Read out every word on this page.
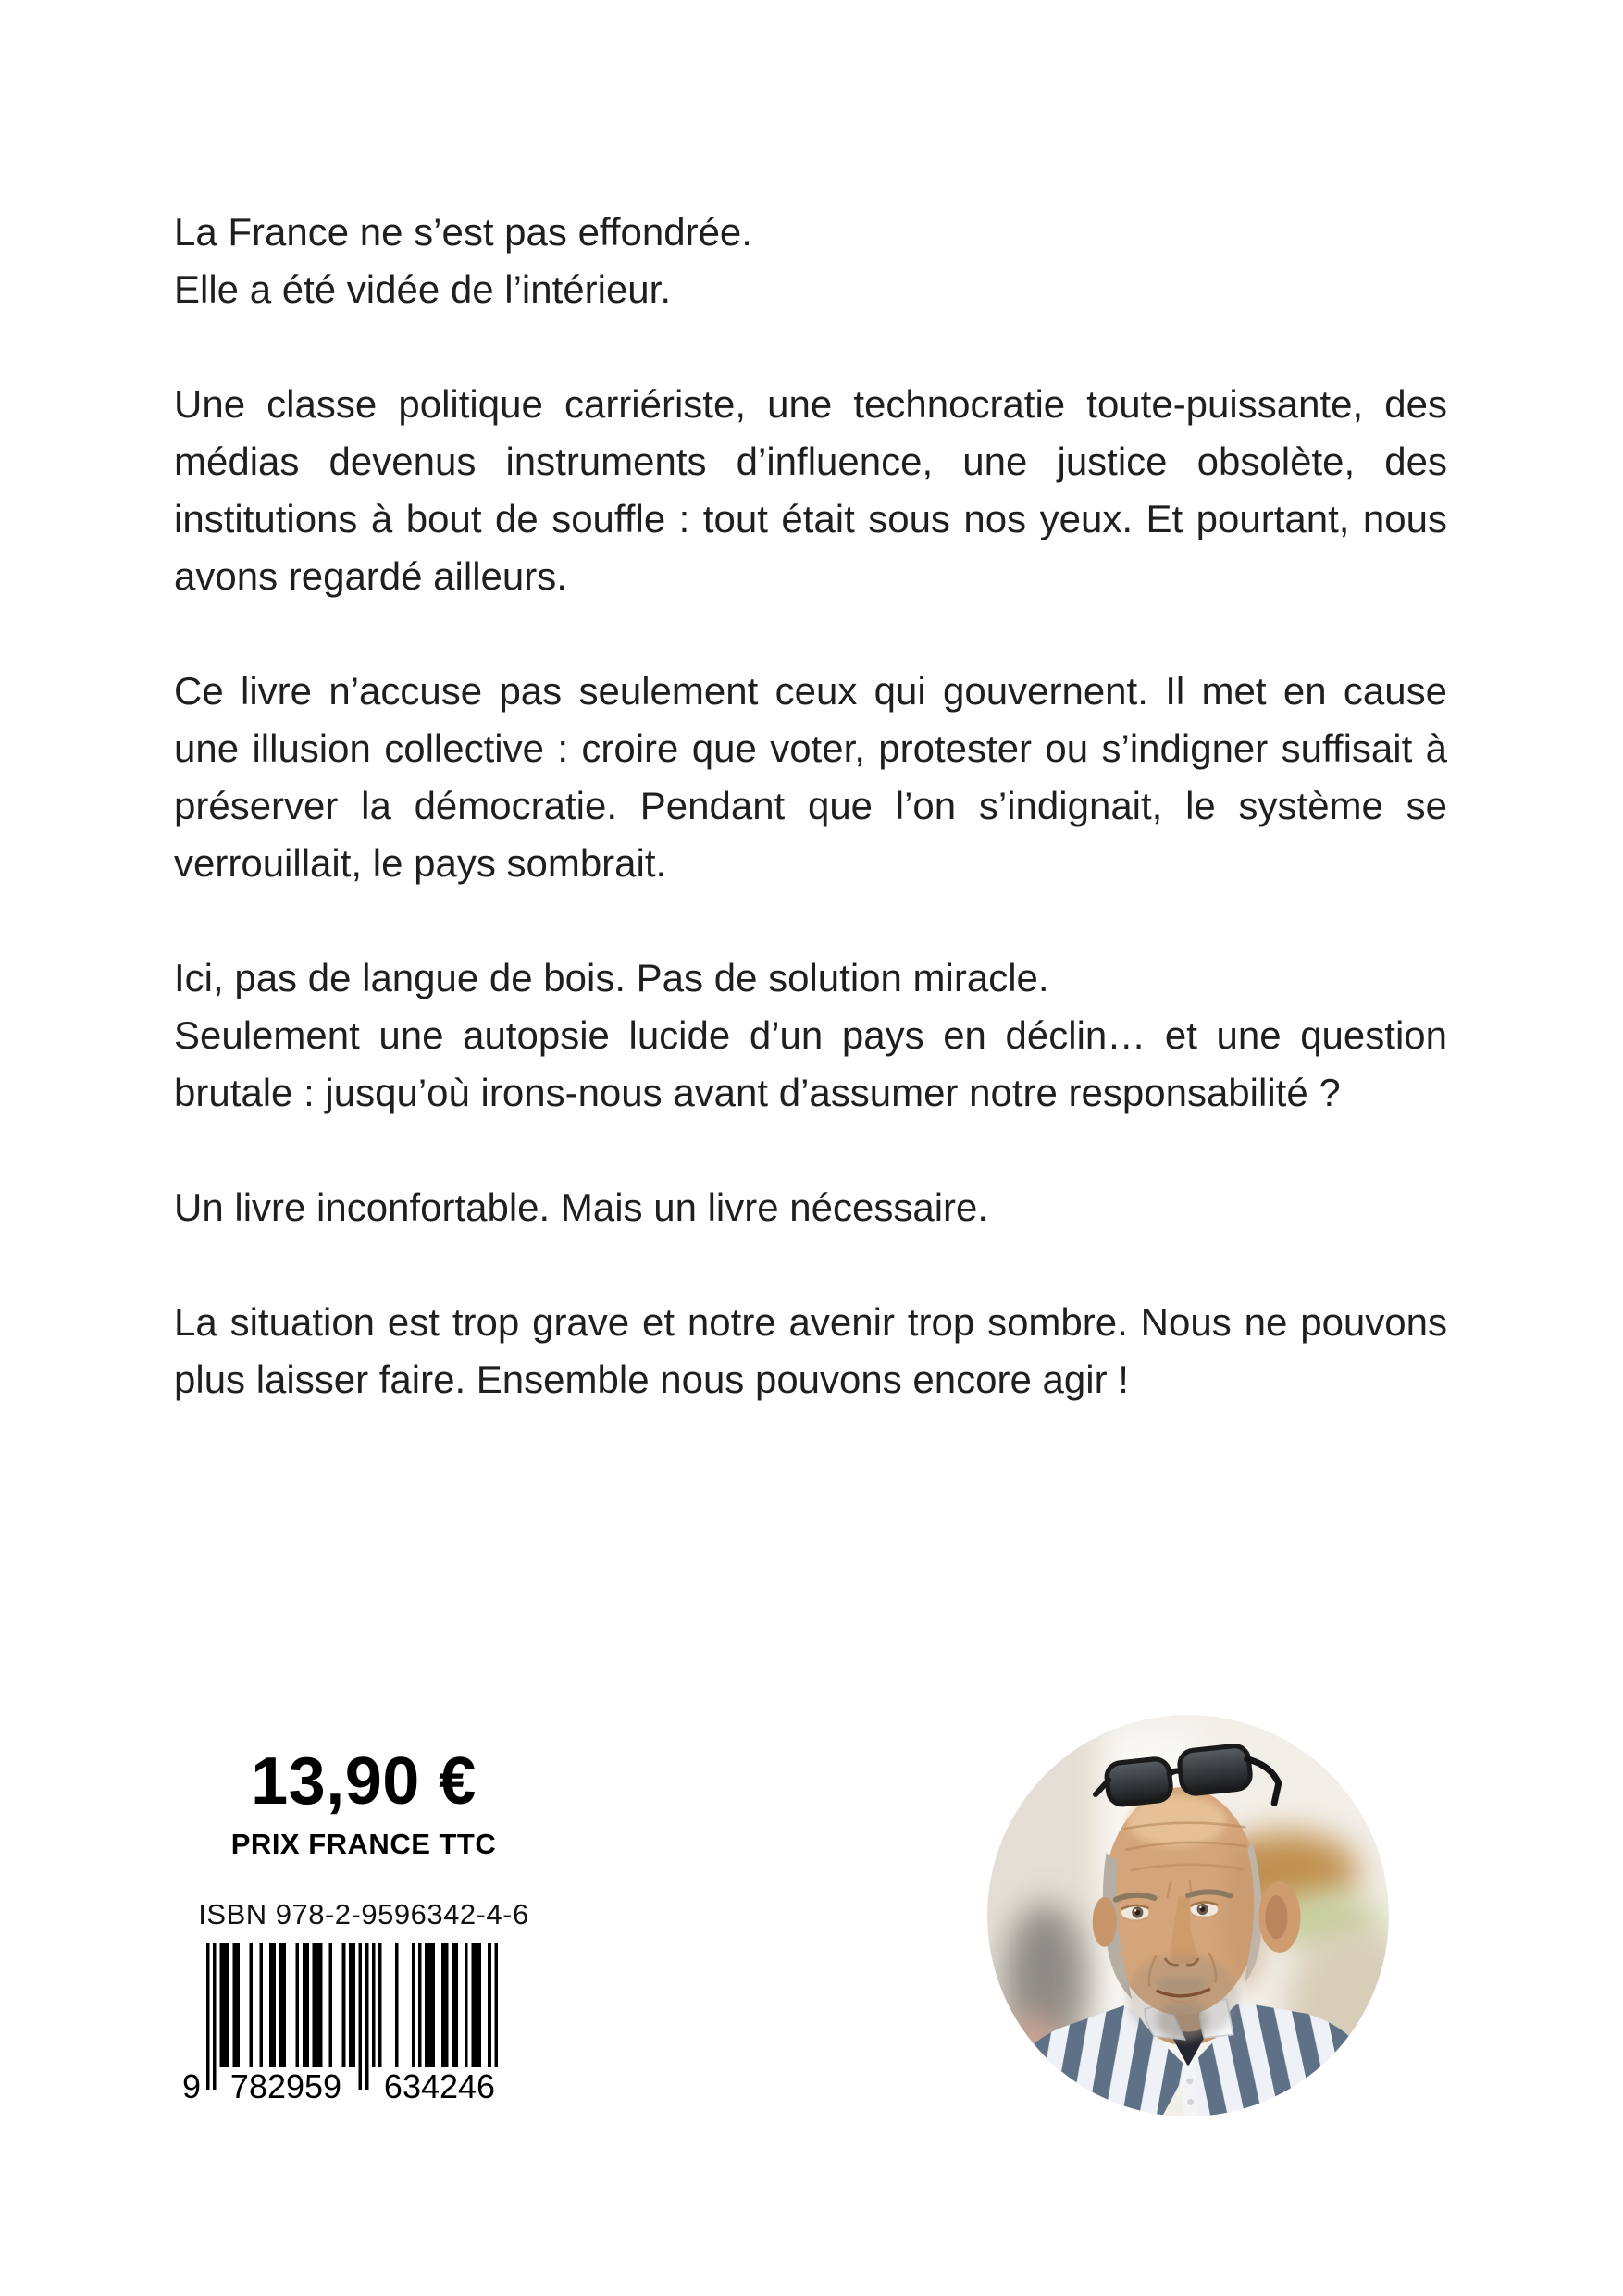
La France ne s’est pas effondrée.

Elle a été vidée de l’intérieur.

Une classe politique carriériste, une technocratie toute-puissante, des médias devenus instruments d’influence, une justice obsolète, des institutions à bout de souffle : tout était sous nos yeux. Et pourtant, nous avons regardé ailleurs.

Ce livre n’accuse pas seulement ceux qui gouvernent. Il met en cause une illusion collective : croire que voter, protester ou s’indigner suffisait à préserver la démocratie. Pendant que l’on s’indignait, le système se verrouillait, le pays sombrait.

Ici, pas de langue de bois. Pas de solution miracle.

Seulement une autopsie lucide d’un pays en déclin… et une question brutale : jusqu’où irons-nous avant d’assumer notre responsabilité ?

Un livre inconfortable. Mais un livre nécessaire.

La situation est trop grave et notre avenir trop sombre. Nous ne pouvons plus laisser faire. Ensemble nous pouvons encore agir !

13,90 €
PRIX FRANCE TTC
ISBN 978-2-9596342-4-6
9 782959	634246
